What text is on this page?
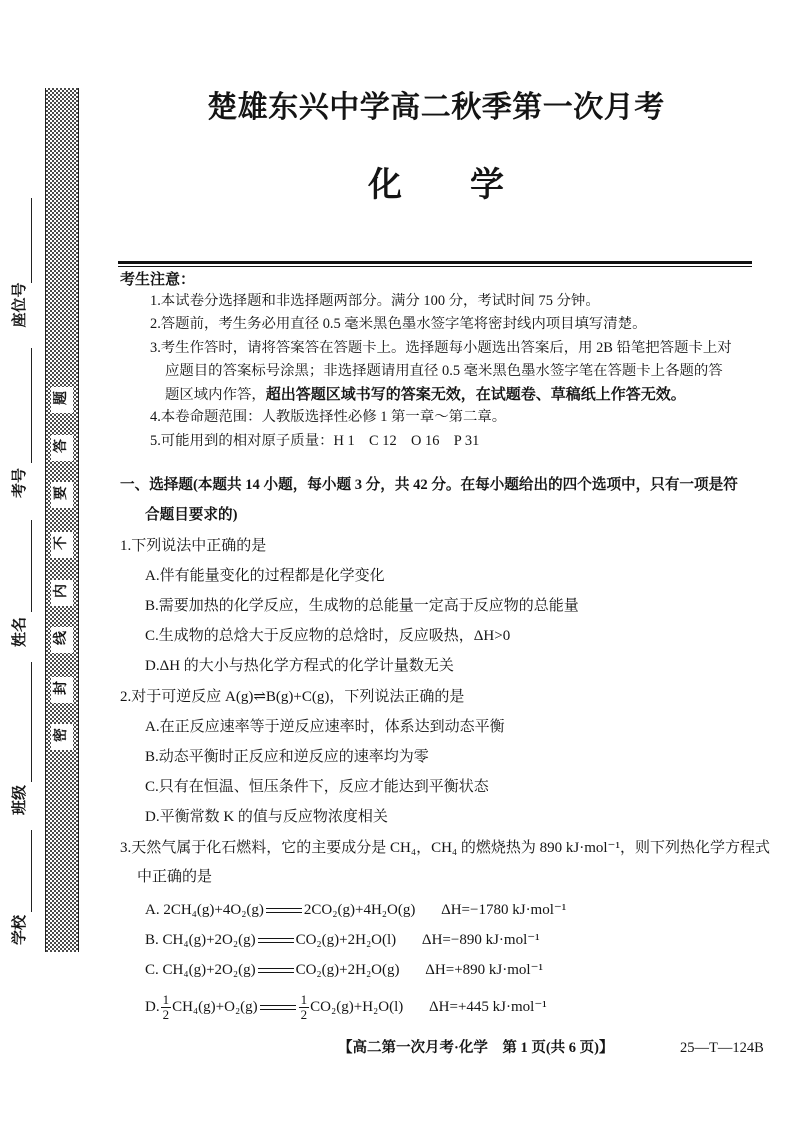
座位号
考号
姓名
班级
学校
密
封
线
内
不
要
答
题
楚雄东兴中学高二秋季第一次月考
化　　学
考生注意：
1.本试卷分选择题和非选择题两部分。满分 100 分，考试时间 75 分钟。
2.答题前，考生务必用直径 0.5 毫米黑色墨水签字笔将密封线内项目填写清楚。
3.考生作答时，请将答案答在答题卡上。选择题每小题选出答案后，用 2B 铅笔把答题卡上对
应题目的答案标号涂黑；非选择题请用直径 0.5 毫米黑色墨水签字笔在答题卡上各题的答
题区域内作答，超出答题区域书写的答案无效，在试题卷、草稿纸上作答无效。
4.本卷命题范围：人教版选择性必修 1 第一章～第二章。
5.可能用到的相对原子质量：H 1　C 12　O 16　P 31
一、选择题(本题共 14 小题，每小题 3 分，共 42 分。在每小题给出的四个选项中，只有一项是符
合题目要求的)
1.下列说法中正确的是
A.伴有能量变化的过程都是化学变化
B.需要加热的化学反应，生成物的总能量一定高于反应物的总能量
C.生成物的总焓大于反应物的总焓时，反应吸热，ΔH>0
D.ΔH 的大小与热化学方程式的化学计量数无关
2.对于可逆反应 A(g)⇌B(g)+C(g)，下列说法正确的是
A.在正反应速率等于逆反应速率时，体系达到动态平衡
B.动态平衡时正反应和逆反应的速率均为零
C.只有在恒温、恒压条件下，反应才能达到平衡状态
D.平衡常数 K 的值与反应物浓度相关
3.天然气属于化石燃料，它的主要成分是 CH₄，CH₄ 的燃烧热为 890 kJ·mol⁻¹，则下列热化学方程式
中正确的是
A. 2CH₄(g)+4O₂(g)	2CO₂(g)+4H₂O(g) ΔH=−1780 kJ·mol⁻¹
B. CH₄(g)+2O₂(g)	CO₂(g)+2H₂O(l) ΔH=−890 kJ·mol⁻¹
C. CH₄(g)+2O₂(g)	CO₂(g)+2H₂O(g) ΔH=+890 kJ·mol⁻¹
D. $\frac{1}{2} CH_4(g)+O_2(g)$	$\frac{1}{2} CO_2(g)+H_2O(l)$ ΔH=+445 kJ·mol⁻¹
【高二第一次月考·化学　第 1 页(共 6 页)】	25—T—124B
